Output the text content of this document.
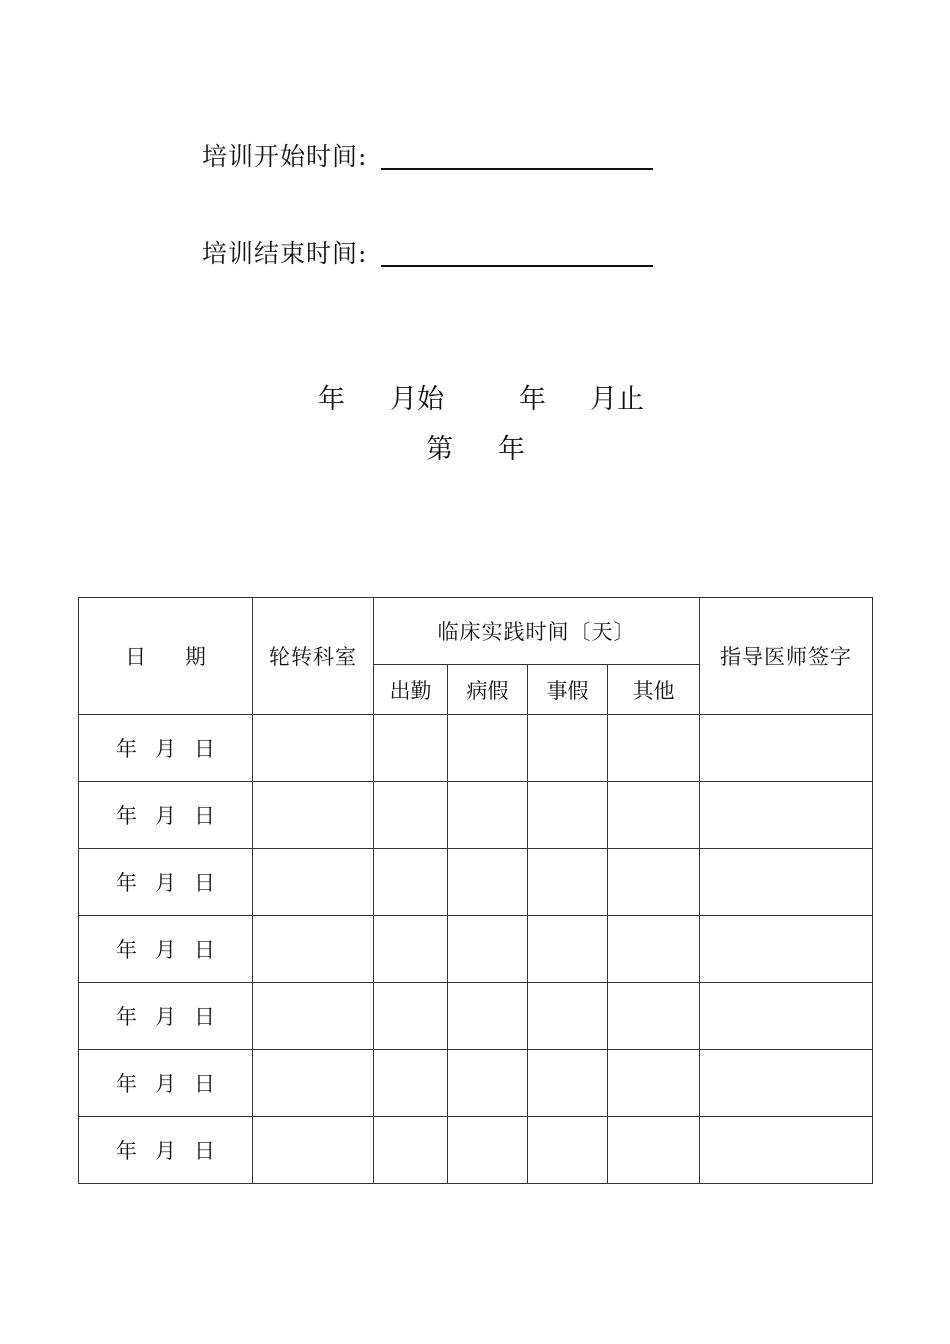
培训开始时间:
培训结束时间:
年 月始	年 月止
第 年
日 期	轮转科室	临床实践时间〔天〕				指导医师签字
		出勤	病假	事假	其他	
年 月 日						
年 月 日						
年 月 日						
年 月 日						
年 月 日						
年 月 日						
年 月 日						
